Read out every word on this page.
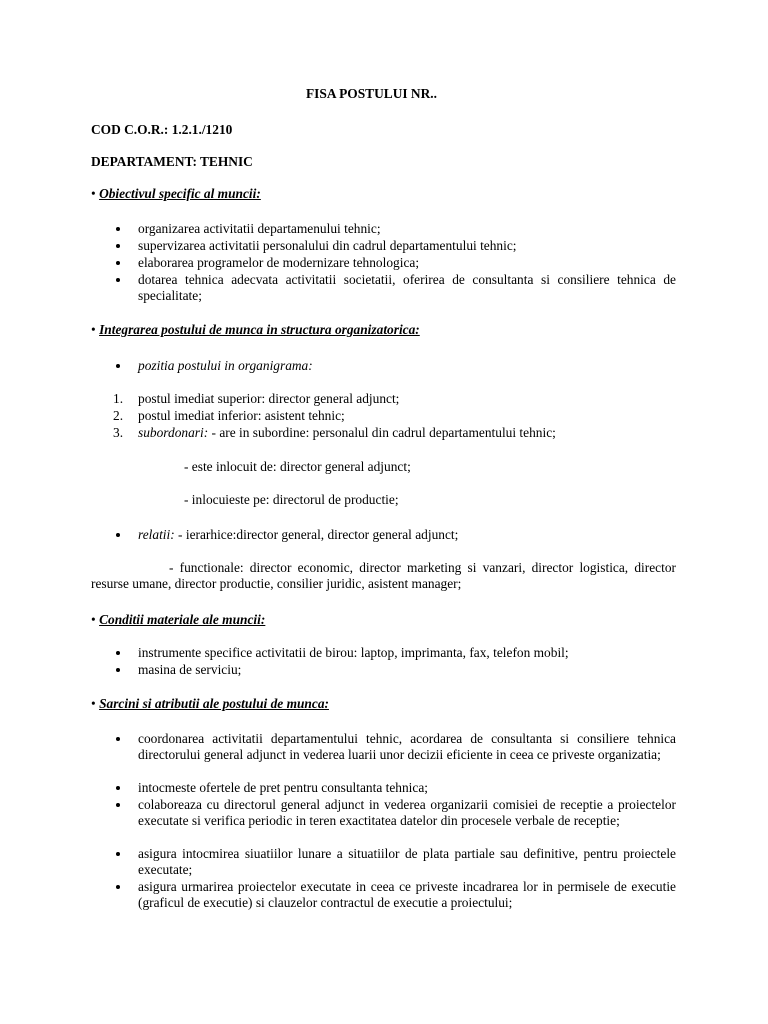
FISA POSTULUI NR..
COD C.O.R.: 1.2.1./1210
DEPARTAMENT: TEHNIC
• Obiectivul specific al muncii:
organizarea activitatii departamenului tehnic;
supervizarea activitatii personalului din cadrul departamentului tehnic;
elaborarea programelor de modernizare tehnologica;
dotarea tehnica adecvata activitatii societatii, oferirea de consultanta si consiliere tehnica de specialitate;
• Integrarea postului de munca in structura organizatorica:
pozitia postului in organigrama:
1. postul imediat superior: director general adjunct;
2. postul imediat inferior: asistent tehnic;
3. subordonari: - are in subordine: personalul din cadrul departamentului tehnic;
- este inlocuit de: director general adjunct;
- inlocuieste pe: directorul de productie;
relatii: - ierarhice:director general, director general adjunct;
- functionale: director economic, director marketing si vanzari, director logistica, director resurse umane, director productie, consilier juridic, asistent manager;
• Conditii materiale ale muncii:
instrumente specifice activitatii de birou: laptop, imprimanta, fax, telefon mobil;
masina de serviciu;
• Sarcini si atributii ale postului de munca:
coordonarea activitatii departamentului tehnic, acordarea de consultanta si consiliere tehnica directorului general adjunct in vederea luarii unor decizii eficiente in ceea ce priveste organizatia;
intocmeste ofertele de pret pentru consultanta tehnica;
colaboreaza cu directorul general adjunct in vederea organizarii comisiei de receptie a proiectelor executate si verifica periodic in teren exactitatea datelor din procesele verbale de receptie;
asigura intocmirea siuatiilor lunare a situatiilor de plata partiale sau definitive, pentru proiectele executate;
asigura urmarirea proiectelor executate in ceea ce priveste incadrarea lor in permisele de executie (graficul de executie) si clauzelor contractul de executie a proiectului;
